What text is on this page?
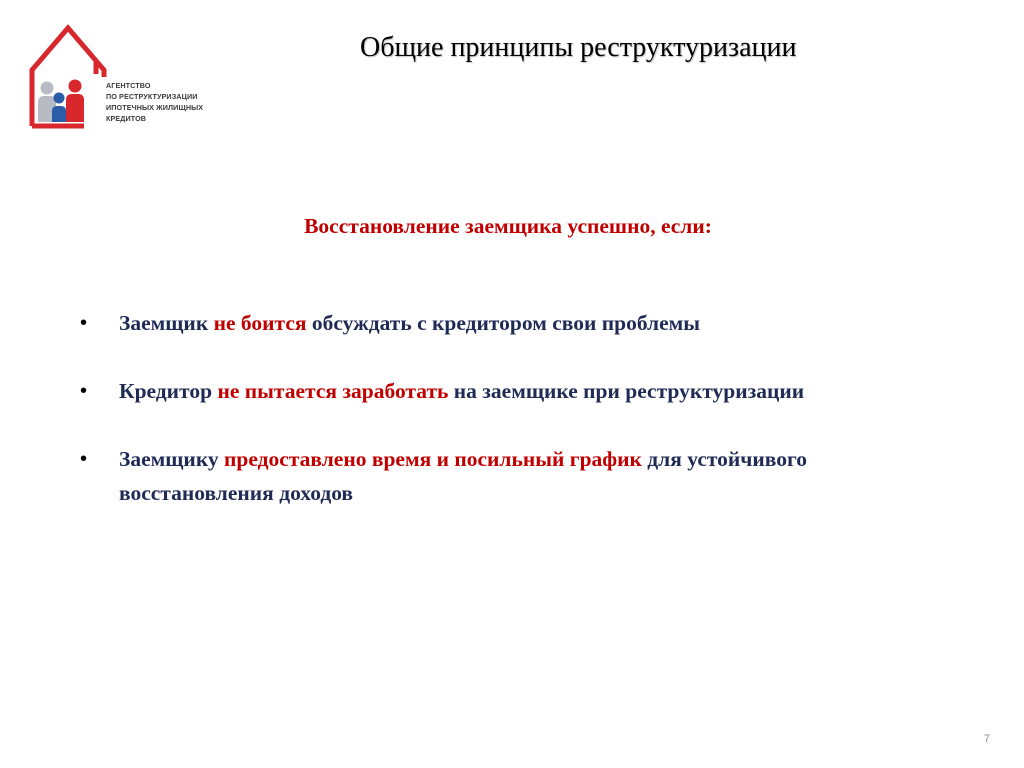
АГЕНТСТВО
ПО РЕСТРУКТУРИЗАЦИИ
ИПОТЕЧНЫХ ЖИЛИЩНЫХ
КРЕДИТОВ
Общие принципы реструктуризации
Восстановление заемщика успешно, если:
• Заемщик не боится обсуждать с кредитором свои проблемы
• Кредитор не пытается заработать на заемщике при реструктуризации
• Заемщику предоставлено время и посильный график для устойчивого восстановления доходов
7
